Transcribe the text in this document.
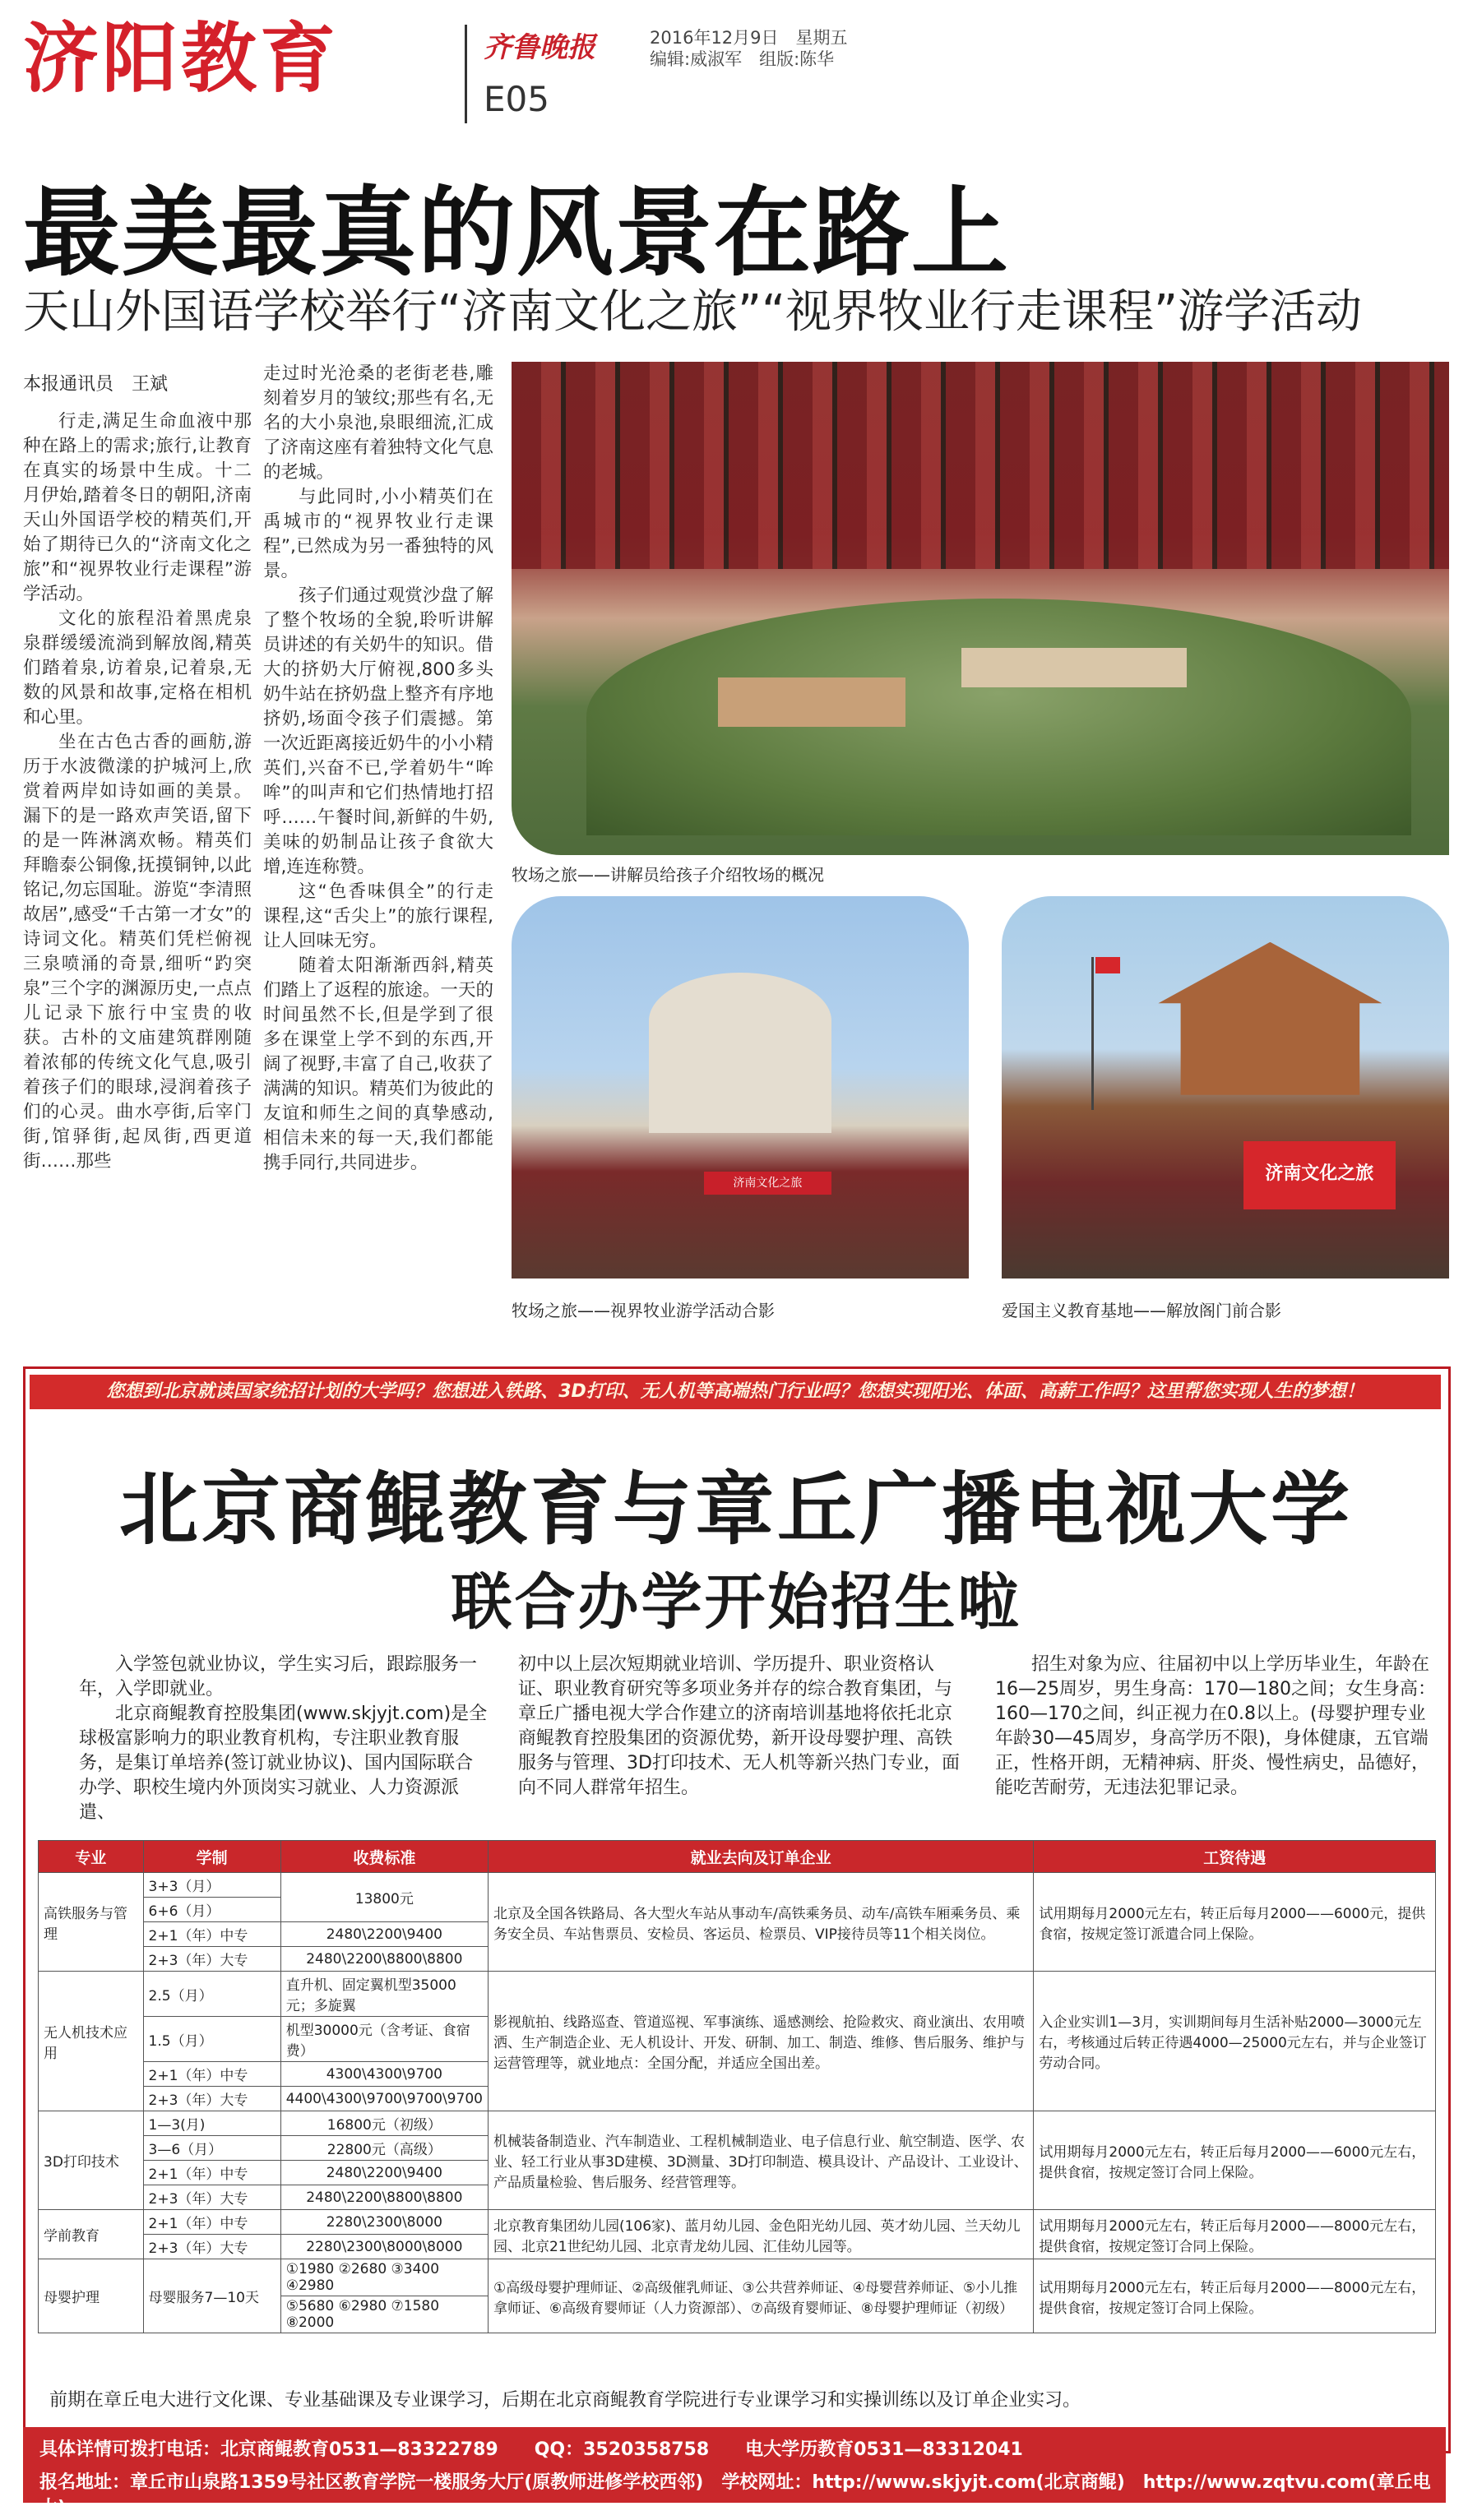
济阳教育	齐鲁晚报	2016年12月9日　星期五
编辑:威淑军　组版:陈华
E05
最美最真的风景在路上
天山外国语学校举行“济南文化之旅”“视界牧业行走课程”游学活动
本报通讯员　王斌

行走,满足生命血液中那种在路上的需求;旅行,让教育在真实的场景中生成。十二月伊始,踏着冬日的朝阳,济南天山外国语学校的精英们,开始了期待已久的“济南文化之旅”和“视界牧业行走课程”游学活动。

文化的旅程沿着黑虎泉泉群缓缓流淌到解放阁,精英们踏着泉,访着泉,记着泉,无数的风景和故事,定格在相机和心里。

坐在古色古香的画舫,游历于水波微漾的护城河上,欣赏着两岸如诗如画的美景。漏下的是一路欢声笑语,留下的是一阵淋漓欢畅。精英们拜瞻泰公铜像,抚摸铜钟,以此铭记,勿忘国耻。游览“李清照故居”,感受“千古第一才女”的诗词文化。精英们凭栏俯视三泉喷涌的奇景,细听“趵突泉”三个字的渊源历史,一点点儿记录下旅行中宝贵的收获。古朴的文庙建筑群刚随着浓郁的传统文化气息,吸引着孩子们的眼球,浸润着孩子们的心灵。曲水亭街,后宰门街,馆驿街,起凤街,西更道街……那些

走过时光沧桑的老街老巷,雕刻着岁月的皱纹;那些有名,无名的大小泉池,泉眼细流,汇成了济南这座有着独特文化气息的老城。

与此同时,小小精英们在禹城市的“视界牧业行走课程”,已然成为另一番独特的风景。

孩子们通过观赏沙盘了解了整个牧场的全貌,聆听讲解员讲述的有关奶牛的知识。借大的挤奶大厅俯视,800多头奶牛站在挤奶盘上整齐有序地挤奶,场面令孩子们震撼。第一次近距离接近奶牛的小小精英们,兴奋不已,学着奶牛“哞哞”的叫声和它们热情地打招呼……午餐时间,新鲜的牛奶,美味的奶制品让孩子食欲大增,连连称赞。

这“色香味俱全”的行走课程,这“舌尖上”的旅行课程,让人回味无穷。

随着太阳渐渐西斜,精英们踏上了返程的旅途。一天的时间虽然不长,但是学到了很多在课堂上学不到的东西,开阔了视野,丰富了自己,收获了满满的知识。精英们为彼此的友谊和师生之间的真挚感动,相信未来的每一天,我们都能携手同行,共同进步。

牧场之旅——讲解员给孩子介绍牧场的概况
济南文化之旅
牧场之旅——视界牧业游学活动合影
济南文化之旅
爱国主义教育基地——解放阁门前合影
您想到北京就读国家统招计划的大学吗？您想进入铁路、3D打印、无人机等高端热门行业吗？您想实现阳光、体面、高薪工作吗？这里帮您实现人生的梦想！
北京商鲲教育与章丘广播电视大学
联合办学开始招生啦

入学签包就业协议，学生实习后，跟踪服务一年，入学即就业。

北京商鲲教育控股集团(www.skjyjt.com)是全球极富影响力的职业教育机构，专注职业教育服务，是集订单培养(签订就业协议)、国内国际联合办学、职校生境内外顶岗实习就业、人力资源派遣、

初中以上层次短期就业培训、学历提升、职业资格认证、职业教育研究等多项业务并存的综合教育集团，与章丘广播电视大学合作建立的济南培训基地将依托北京商鲲教育控股集团的资源优势，新开设母婴护理、高铁服务与管理、3D打印技术、无人机等新兴热门专业，面向不同人群常年招生。

招生对象为应、往届初中以上学历毕业生，年龄在16—25周岁，男生身高：170—180之间；女生身高：160—170之间，纠正视力在0.8以上。(母婴护理专业年龄30—45周岁，身高学历不限)，身体健康，五官端正，性格开朗，无精神病、肝炎、慢性病史，品德好，能吃苦耐劳，无违法犯罪记录。

专业	学制	收费标准	就业去向及订单企业	工资待遇
高铁服务与管理	3+3（月）	13800元	北京及全国各铁路局、各大型火车站从事动车/高铁乘务员、动车/高铁车厢乘务员、乘务安全员、车站售票员、安检员、客运员、检票员、VIP接待员等11个相关岗位。	试用期每月2000元左右，转正后每月2000——6000元，提供食宿，按规定签订派遣合同上保险。
	6+6（月）			
	2+1（年）中专	2480\2200\9400		
	2+3（年）大专	2480\2200\8800\8800		
无人机技术应用	2.5（月）	直升机、固定翼机型35000元；多旋翼	影视航拍、线路巡查、管道巡视、军事演练、遥感测绘、抢险救灾、商业演出、农用喷洒、生产制造企业、无人机设计、开发、研制、加工、制造、维修、售后服务、维护与运营管理等，就业地点：全国分配，并适应全国出差。	入企业实训1—3月，实训期间每月生活补贴2000—3000元左右，考核通过后转正待遇4000—25000元左右，并与企业签订劳动合同。
	1.5（月）	机型30000元（含考证、食宿费）		
	2+1（年）中专	4300\4300\9700		
	2+3（年）大专	4400\4300\9700\9700\9700		
3D打印技术	1—3(月)	16800元（初级）	机械装备制造业、汽车制造业、工程机械制造业、电子信息行业、航空制造、医学、农业、轻工行业从事3D建模、3D测量、3D打印制造、模具设计、产品设计、工业设计、产品质量检验、售后服务、经营管理等。	试用期每月2000元左右，转正后每月2000——6000元左右，提供食宿，按规定签订合同上保险。
	3—6（月）	22800元（高级）		
	2+1（年）中专	2480\2200\9400		
	2+3（年）大专	2480\2200\8800\8800		
学前教育	2+1（年）中专	2280\2300\8000	北京教育集团幼儿园(106家)、蓝月幼儿园、金色阳光幼儿园、英才幼儿园、兰天幼儿园、北京21世纪幼儿园、北京青龙幼儿园、汇佳幼儿园等。	试用期每月2000元左右，转正后每月2000——8000元左右，提供食宿，按规定签订合同上保险。
	2+3（年）大专	2280\2300\8000\8000		
母婴护理	母婴服务7—10天	①1980 ②2680 ③3400 ④2980	①高级母婴护理师证、②高级催乳师证、③公共营养师证、④母婴营养师证、⑤小儿推拿师证、⑥高级育婴师证（人力资源部）、⑦高级育婴师证、⑧母婴护理师证（初级）	试用期每月2000元左右，转正后每月2000——8000元左右，提供食宿，按规定签订合同上保险。
		⑤5680 ⑥2980 ⑦1580 ⑧2000		
前期在章丘电大进行文化课、专业基础课及专业课学习，后期在北京商鲲教育学院进行专业课学习和实操训练以及订单企业实习。
具体详情可拨打电话：北京商鲲教育0531—83322789　　QQ：3520358758　　电大学历教育0531—83312041
报名地址：章丘市山泉路1359号社区教育学院一楼服务大厅(原教师进修学校西邻)　学校网址：http://www.skjyjt.com(北京商鲲)　http://www.zqtvu.com(章丘电大)
